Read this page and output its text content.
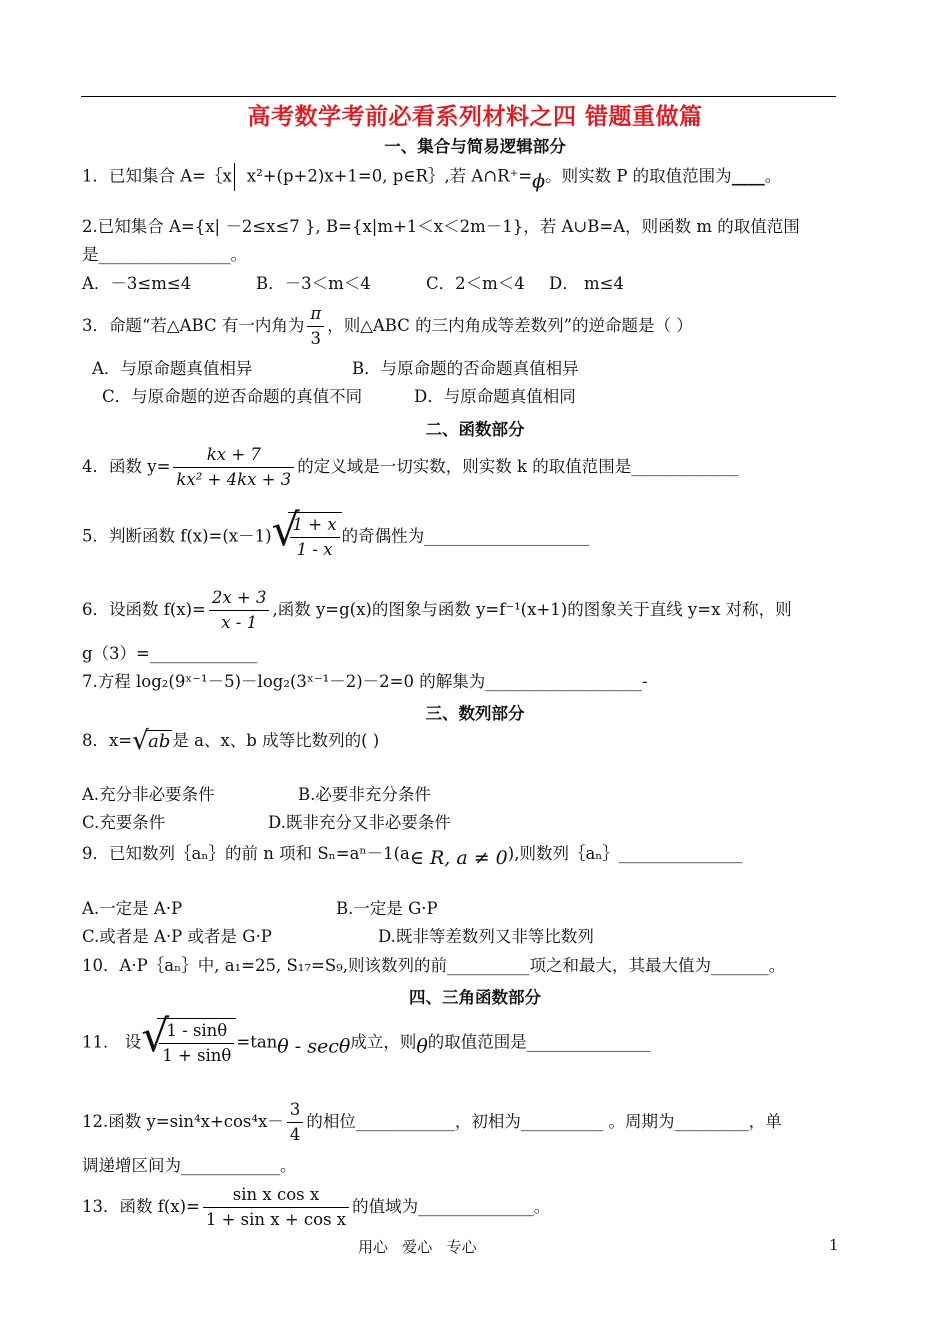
高考数学考前必看系列材料之四 错题重做篇
一、集合与简易逻辑部分
1．已知集合 A=｛x x²+(p+2)x+1=0, p∈R｝,若 A∩R⁺=ϕ。则实数 P 的取值范围为____。
2.已知集合 A={x| －2≤x≤7 }, B={x|m+1＜x＜2m－1}，若 A∪B=A，则函数 m 的取值范围
是________________。
A．－3≤m≤4	B．－3＜m＜4	C．2＜m＜4 D． m≤4
3．命题“若△ABC 有一内角为 $\frac{\pi}{3}$ ，则△ABC 的三内角成等差数列”的逆命题是（ ）
A．与原命题真值相异	B．与原命题的否命题真值相异
C．与原命题的逆否命题的真值不同	D．与原命题真值相同
二、函数部分
4．函数 $y= \frac{kx + 7}{\text{kx² + 4kx + 3}}$ 的定义域是一切实数，则实数 k 的取值范围是_____________
5．判断函数 f(x)=(x－1) √
$\frac{1 + x}{1 - x}$ 的奇偶性为____________________
6．设函数 $f(x)= \frac{2x + 3}{x - 1}$ ,函数 y=g(x)的图象与函数 y=f⁻¹(x+1)的图象关于直线 y=x 对称，则
g（3）=_____________
7.方程 log₂(9ˣ⁻¹－5)－log₂(3ˣ⁻¹－2)－2=0 的解集为___________________-
三、数列部分
8．x= √ ab 是 a、x、b 成等比数列的( )
A.充分非必要条件	B.必要非充分条件
C.充要条件	D.既非充分又非必要条件
9．已知数列｛aₙ｝的前 n 项和 Sₙ=aⁿ－1(a∈ R, a ≠ 0),则数列｛aₙ｝_______________
A.一定是 A·P	B.一定是 G·P
C.或者是 A·P 或者是 G·P	D.既非等差数列又非等比数列
10．A·P｛aₙ｝中, a₁=25, S₁₇=S₉,则该数列的前__________项之和最大，其最大值为_______。
四、三角函数部分
11． 设 √
$\frac{1 - \sin\theta}{1 + \sin\theta} =\tan\theta - \sec\theta$成立，则θ的取值范围是_______________
12.函数 $y=\sin^4x+\cos^4x- \frac{3}{4}$ 的相位____________，初相为__________ 。周期为_________，单
调递增区间为____________。
13．函数 $f(x)= \frac{\text{sin x cos x}}{\text{1 + sin x + cos x}}$ 的值域为______________。
用心   爱心   专心	1
